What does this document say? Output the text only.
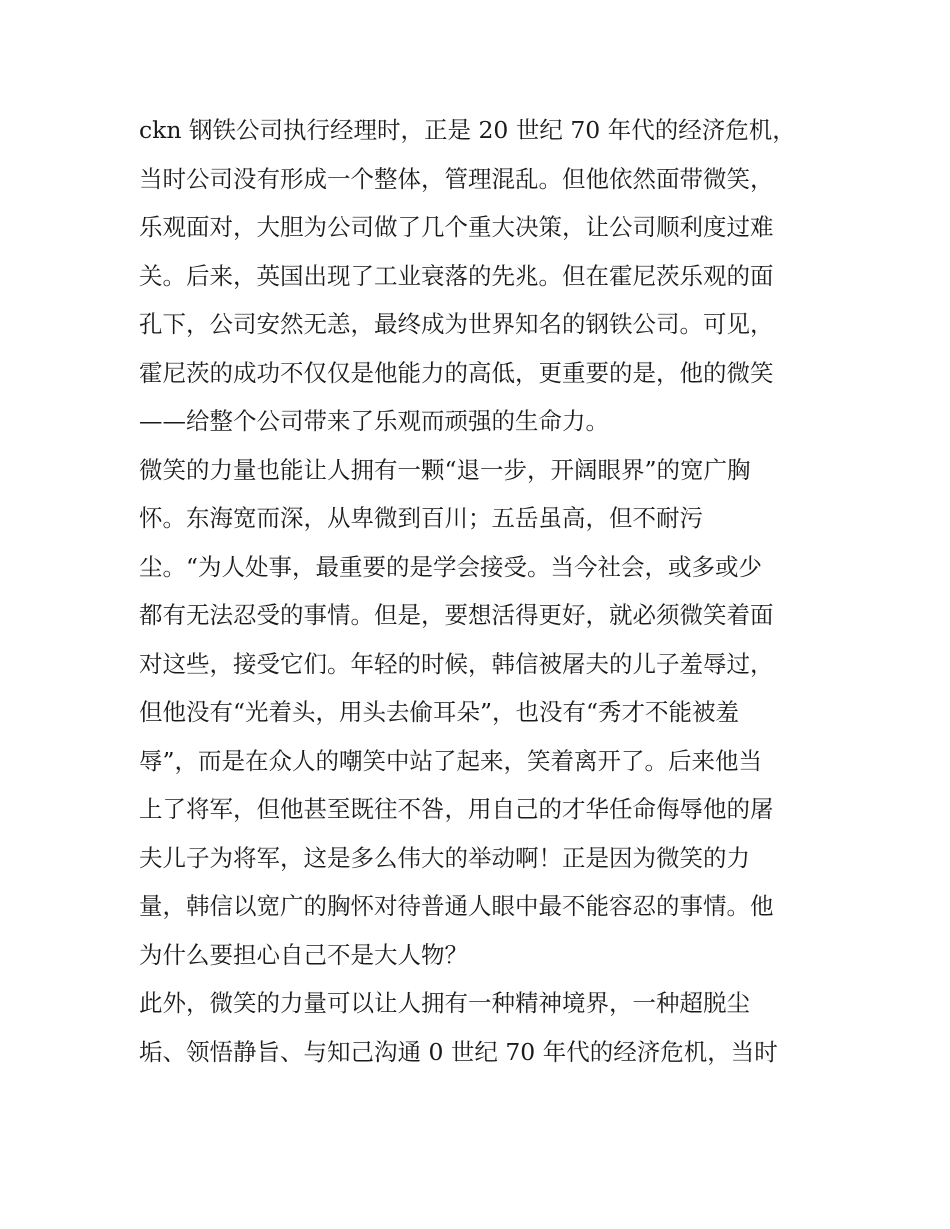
ckn 钢铁公司执行经理时，正是 20 世纪 70 年代的经济危机，
当时公司没有形成一个整体，管理混乱。但他依然面带微笑，
乐观面对，大胆为公司做了几个重大决策，让公司顺利度过难
关。后来，英国出现了工业衰落的先兆。但在霍尼茨乐观的面
孔下，公司安然无恙，最终成为世界知名的钢铁公司。可见，
霍尼茨的成功不仅仅是他能力的高低，更重要的是，他的微笑
——给整个公司带来了乐观而顽强的生命力。
微笑的力量也能让人拥有一颗“退一步，开阔眼界”的宽广胸
怀。东海宽而深，从卑微到百川；五岳虽高，但不耐污
尘。“为人处事，最重要的是学会接受。当今社会，或多或少
都有无法忍受的事情。但是，要想活得更好，就必须微笑着面
对这些，接受它们。年轻的时候，韩信被屠夫的儿子羞辱过，
但他没有“光着头，用头去偷耳朵”，也没有“秀才不能被羞
辱”，而是在众人的嘲笑中站了起来，笑着离开了。后来他当
上了将军，但他甚至既往不咎，用自己的才华任命侮辱他的屠
夫儿子为将军，这是多么伟大的举动啊！正是因为微笑的力
量，韩信以宽广的胸怀对待普通人眼中最不能容忍的事情。他
为什么要担心自己不是大人物？
此外，微笑的力量可以让人拥有一种精神境界，一种超脱尘
垢、领悟静旨、与知己沟通 0 世纪 70 年代的经济危机，当时
